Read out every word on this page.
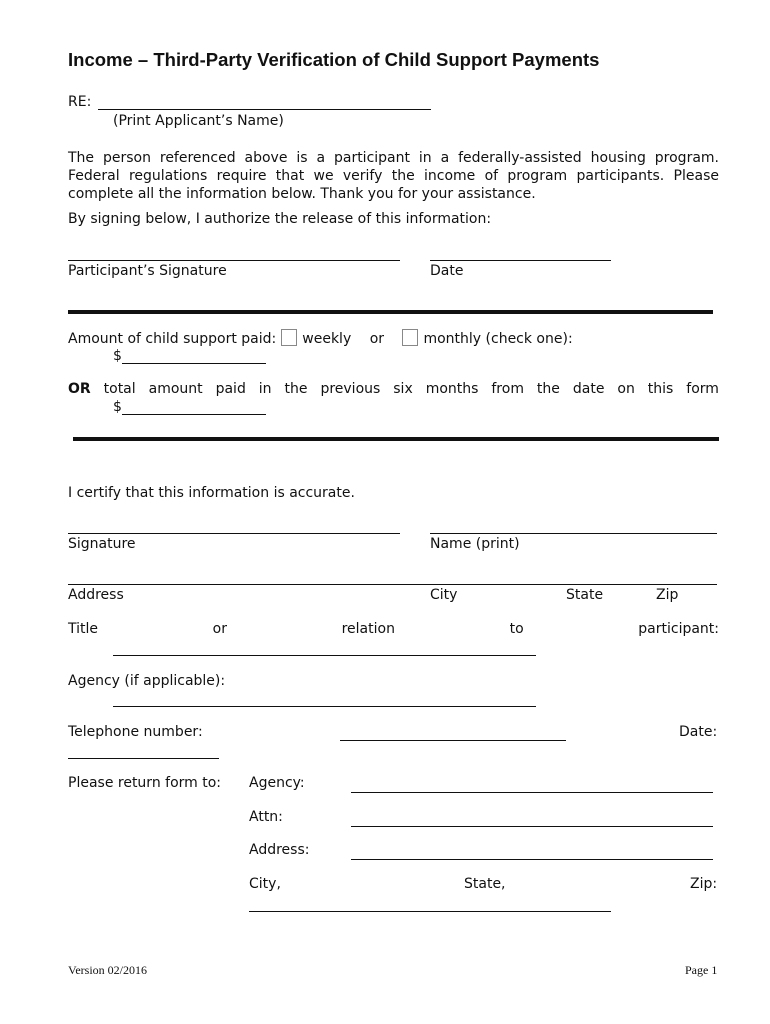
Income – Third-Party Verification of Child Support Payments
RE:
(Print Applicant’s Name)
The person referenced above is a participant in a federally-assisted housing program.
Federal regulations require that we verify the income of program participants. Please
complete all the information below. Thank you for your assistance.
By signing below, I authorize the release of this information:
Participant’s Signature	Date
Amount of child support paid: weekly or	monthly (check one):
$
OR total amount paid in the previous six months from the date on this form
$
I certify that this information is accurate.
Signature	Name (print)
Address	City	State	Zip
Title	or	relation	to	participant:
Agency (if applicable):
Telephone number:	Date:
Please return form to: Agency:
Attn:
Address:
City,	State,	Zip:
Version 02/2016	Page 1
